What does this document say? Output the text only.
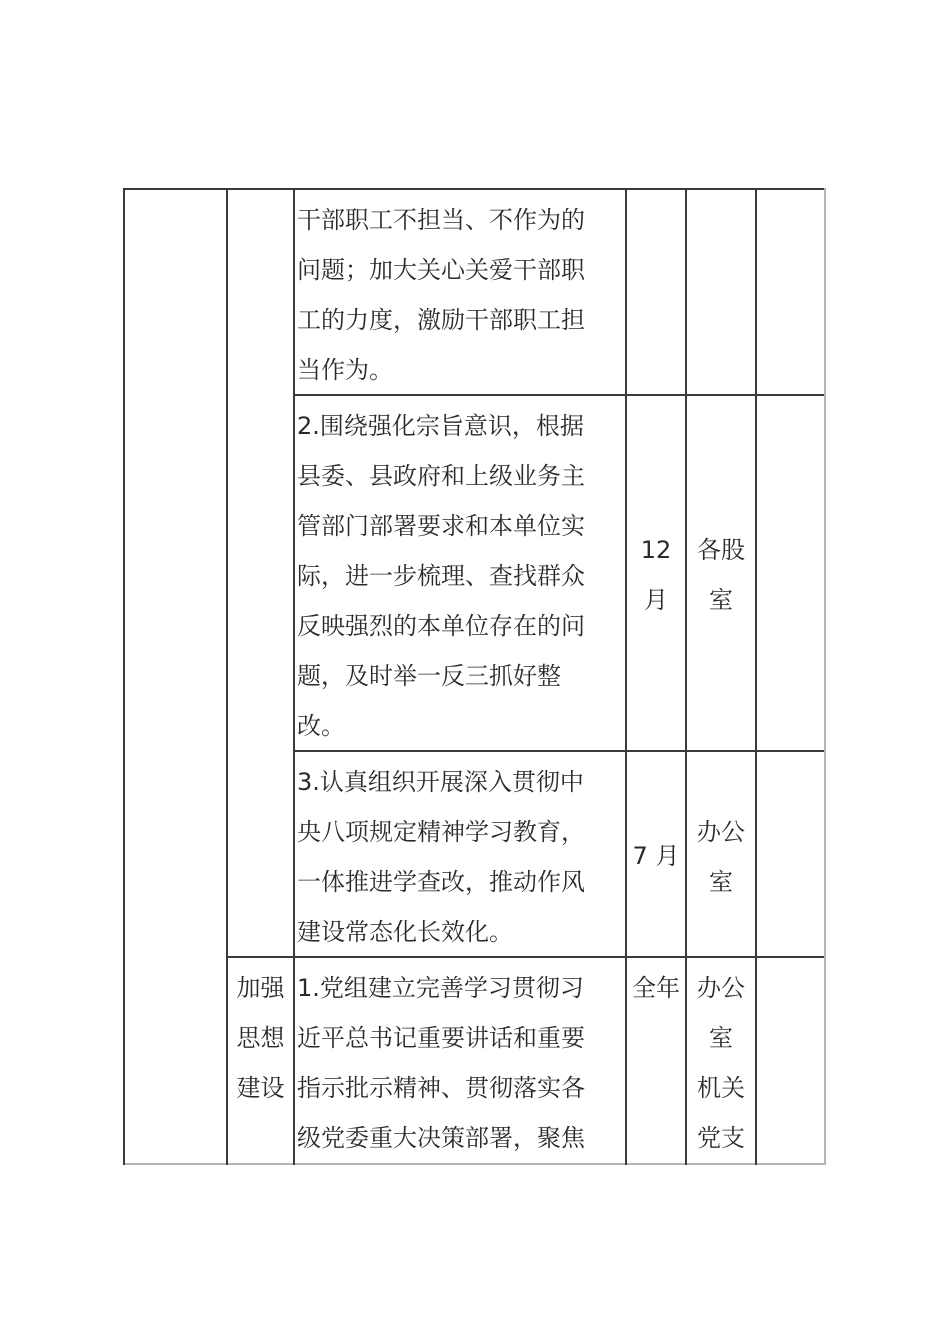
干部职工不担当、不作为的
问题；加大关心关爱干部职
工的力度，激励干部职工担
当作为。
2.围绕强化宗旨意识，根据
县委、县政府和上级业务主
管部门部署要求和本单位实
际，进一步梳理、查找群众
反映强烈的本单位存在的问
题，及时举一反三抓好整
改。
12
月
各股
室
3.认真组织开展深入贯彻中
央八项规定精神学习教育，
一体推进学查改，推动作风
建设常态化长效化。
7 月
办公
室
加强
思想
建设
1.党组建立完善学习贯彻习
近平总书记重要讲话和重要
指示批示精神、贯彻落实各
级党委重大决策部署，聚焦
全年 办公
室
机关
党支
